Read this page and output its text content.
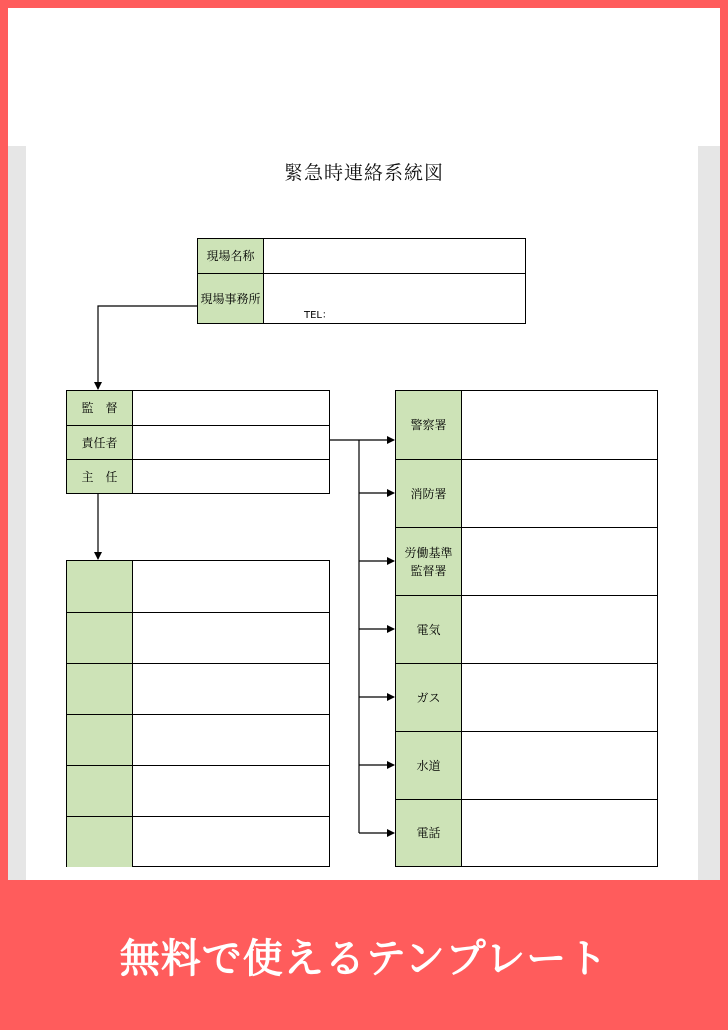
緊急時連絡系統図
現場名称
現場事務所
TEL：
監　督
責任者
主　任
警察署
消防署
労働基準
監督署
電気
ガス
水道
電話
無料で使えるテンプレート
